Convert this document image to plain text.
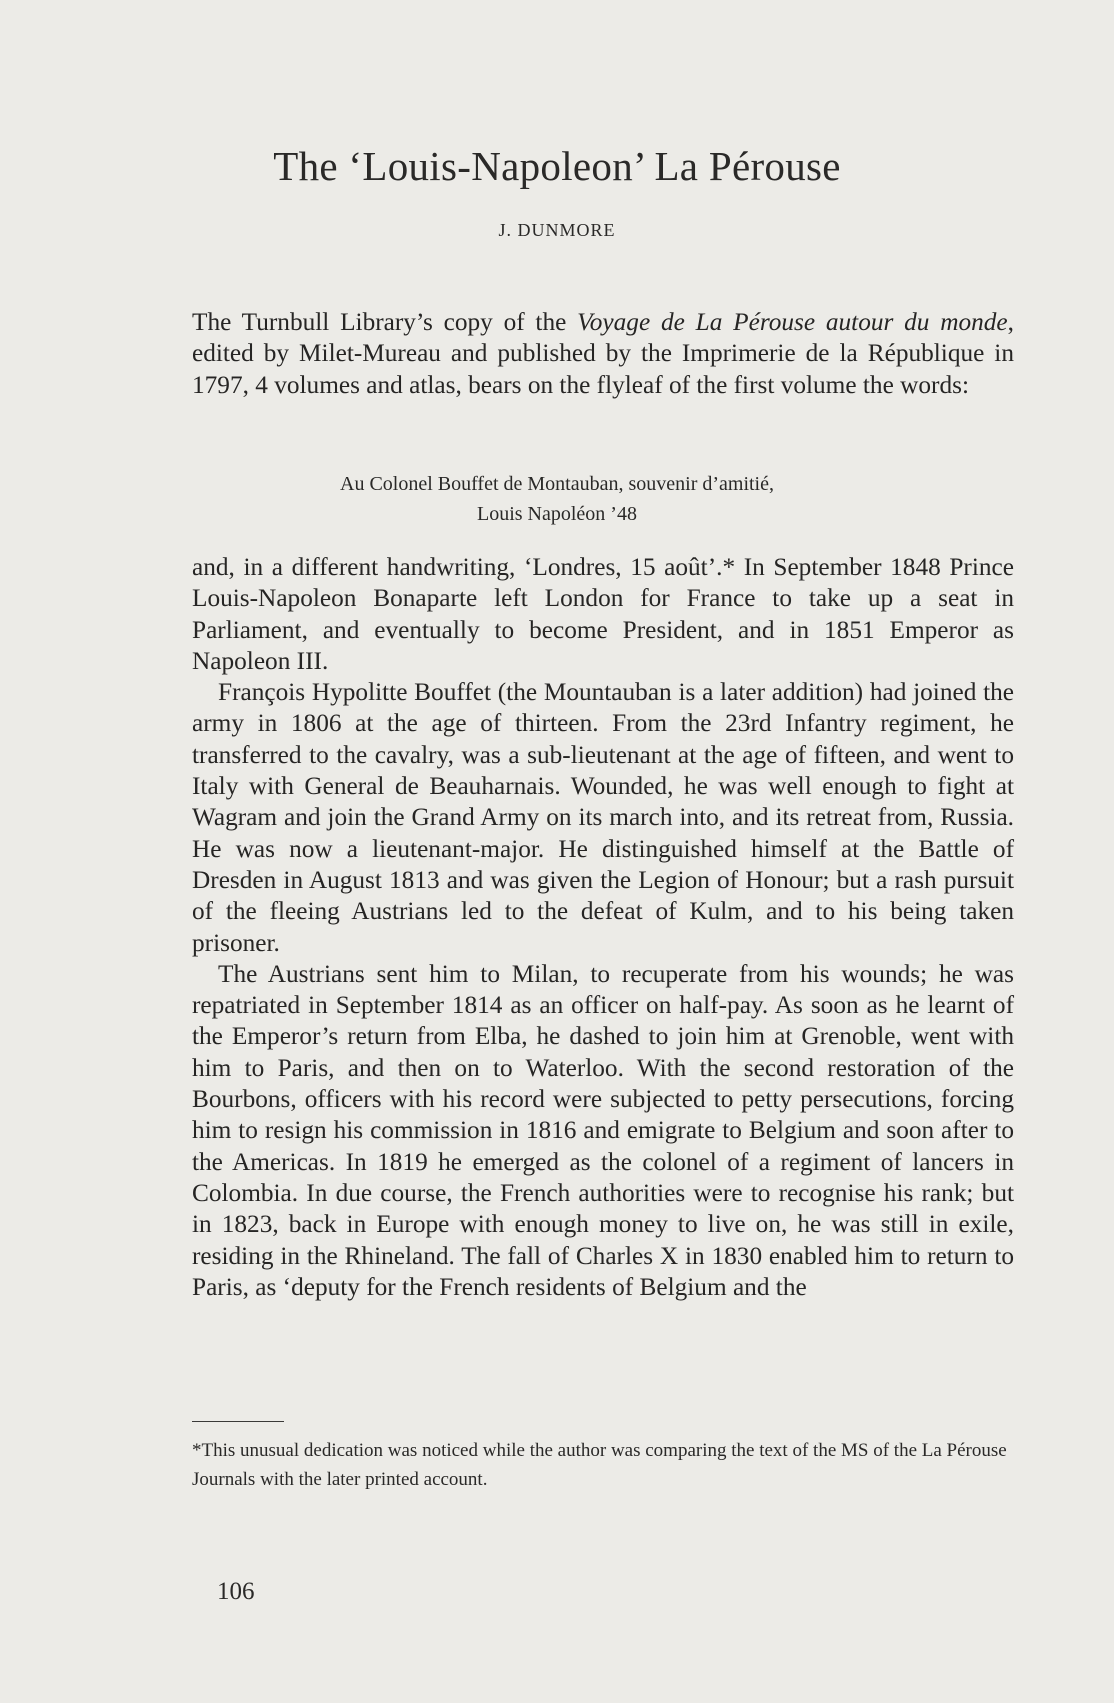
The ‘Louis-Napoleon’ La Pérouse
J. DUNMORE

The Turnbull Library’s copy of the Voyage de La Pérouse autour du monde, edited by Milet-Mureau and published by the Imprimerie de la République in 1797, 4 volumes and atlas, bears on the flyleaf of the first volume the words:

Au Colonel Bouffet de Montauban, souvenir d’amitié,
Louis Napoléon ’48

and, in a different handwriting, ‘Londres, 15 août’.* In September 1848 Prince Louis-Napoleon Bonaparte left London for France to take up a seat in Parliament, and eventually to become President, and in 1851 Emperor as Napoleon III.

François Hypolitte Bouffet (the Mountauban is a later addition) had joined the army in 1806 at the age of thirteen. From the 23rd Infantry regiment, he transferred to the cavalry, was a sub-lieutenant at the age of fifteen, and went to Italy with General de Beauharnais. Wounded, he was well enough to fight at Wagram and join the Grand Army on its march into, and its retreat from, Russia. He was now a lieutenant-major. He distinguished himself at the Battle of Dresden in August 1813 and was given the Legion of Honour; but a rash pursuit of the fleeing Austrians led to the defeat of Kulm, and to his being taken prisoner.

The Austrians sent him to Milan, to recuperate from his wounds; he was repatriated in September 1814 as an officer on half-pay. As soon as he learnt of the Emperor’s return from Elba, he dashed to join him at Grenoble, went with him to Paris, and then on to Waterloo. With the second restoration of the Bourbons, officers with his record were subjected to petty persecutions, forcing him to resign his commission in 1816 and emigrate to Belgium and soon after to the Americas. In 1819 he emerged as the colonel of a regiment of lancers in Colombia. In due course, the French authorities were to recognise his rank; but in 1823, back in Europe with enough money to live on, he was still in exile, residing in the Rhineland. The fall of Charles X in 1830 enabled him to return to Paris, as ‘deputy for the French residents of Belgium and the

*This unusual dedication was noticed while the author was comparing the text of the MS of the La Pérouse Journals with the later printed account.
106
